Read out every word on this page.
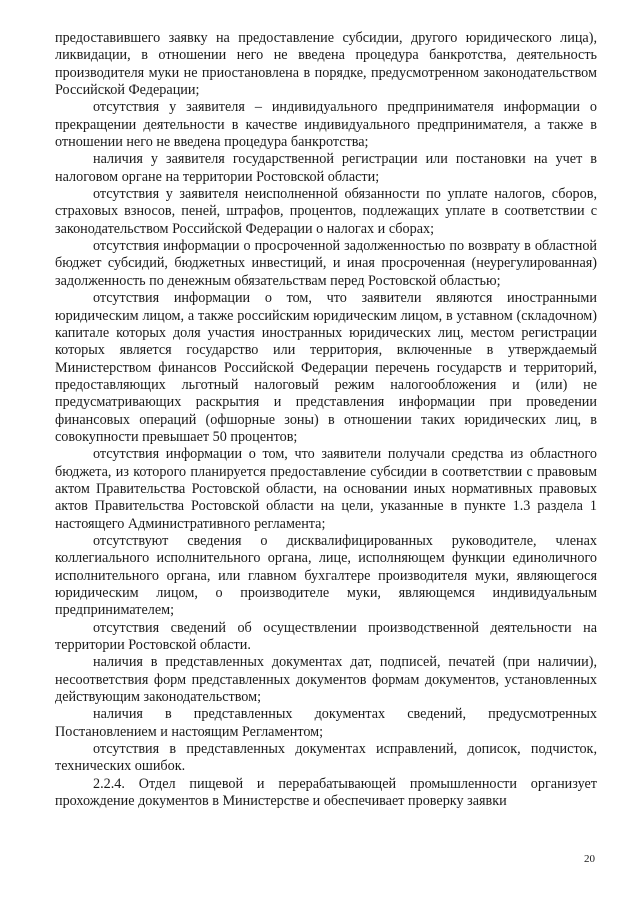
предоставившего заявку на предоставление субсидии, другого юридического лица), ликвидации, в отношении него не введена процедура банкротства, деятельность производителя муки не приостановлена в порядке, предусмотренном законодательством Российской Федерации;

отсутствия у заявителя – индивидуального предпринимателя информации о прекращении деятельности в качестве индивидуального предпринимателя, а также в отношении него не введена процедура банкротства;

наличия у заявителя государственной регистрации или постановки на учет в налоговом органе на территории Ростовской области;

отсутствия у заявителя неисполненной обязанности по уплате налогов, сборов, страховых взносов, пеней, штрафов, процентов, подлежащих уплате в соответствии с законодательством Российской Федерации о налогах и сборах;

отсутствия информации о просроченной задолженностью по возврату в областной бюджет субсидий, бюджетных инвестиций, и иная просроченная (неурегулированная) задолженность по денежным обязательствам перед Ростовской областью;

отсутствия информации о том, что заявители являются иностранными юридическим лицом, а также российским юридическим лицом, в уставном (складочном) капитале которых доля участия иностранных юридических лиц, местом регистрации которых является государство или территория, включенные в утверждаемый Министерством финансов Российской Федерации перечень государств и территорий, предоставляющих льготный налоговый режим налогообложения и (или) не предусматривающих раскрытия и представления информации при проведении финансовых операций (офшорные зоны) в отношении таких юридических лиц, в совокупности превышает 50 процентов;

отсутствия информации о том, что заявители получали средства из областного бюджета, из которого планируется предоставление субсидии в соответствии с правовым актом Правительства Ростовской области, на основании иных нормативных правовых актов Правительства Ростовской области на цели, указанные в пункте 1.3 раздела 1 настоящего Административного регламента;

отсутствуют сведения о дисквалифицированных руководителе, членах коллегиального исполнительного органа, лице, исполняющем функции единоличного исполнительного органа, или главном бухгалтере производителя муки, являющегося юридическим лицом, о производителе муки, являющемся индивидуальным предпринимателем;

отсутствия сведений об осуществлении производственной деятельности на территории Ростовской области.

наличия в представленных документах дат, подписей, печатей (при наличии), несоответствия форм представленных документов формам документов, установленных действующим законодательством;

наличия в представленных документах сведений, предусмотренных Постановлением и настоящим Регламентом;

отсутствия в представленных документах исправлений, дописок, подчисток, технических ошибок.

2.2.4. Отдел пищевой и перерабатывающей промышленности организует прохождение документов в Министерстве и обеспечивает проверку заявки

20
